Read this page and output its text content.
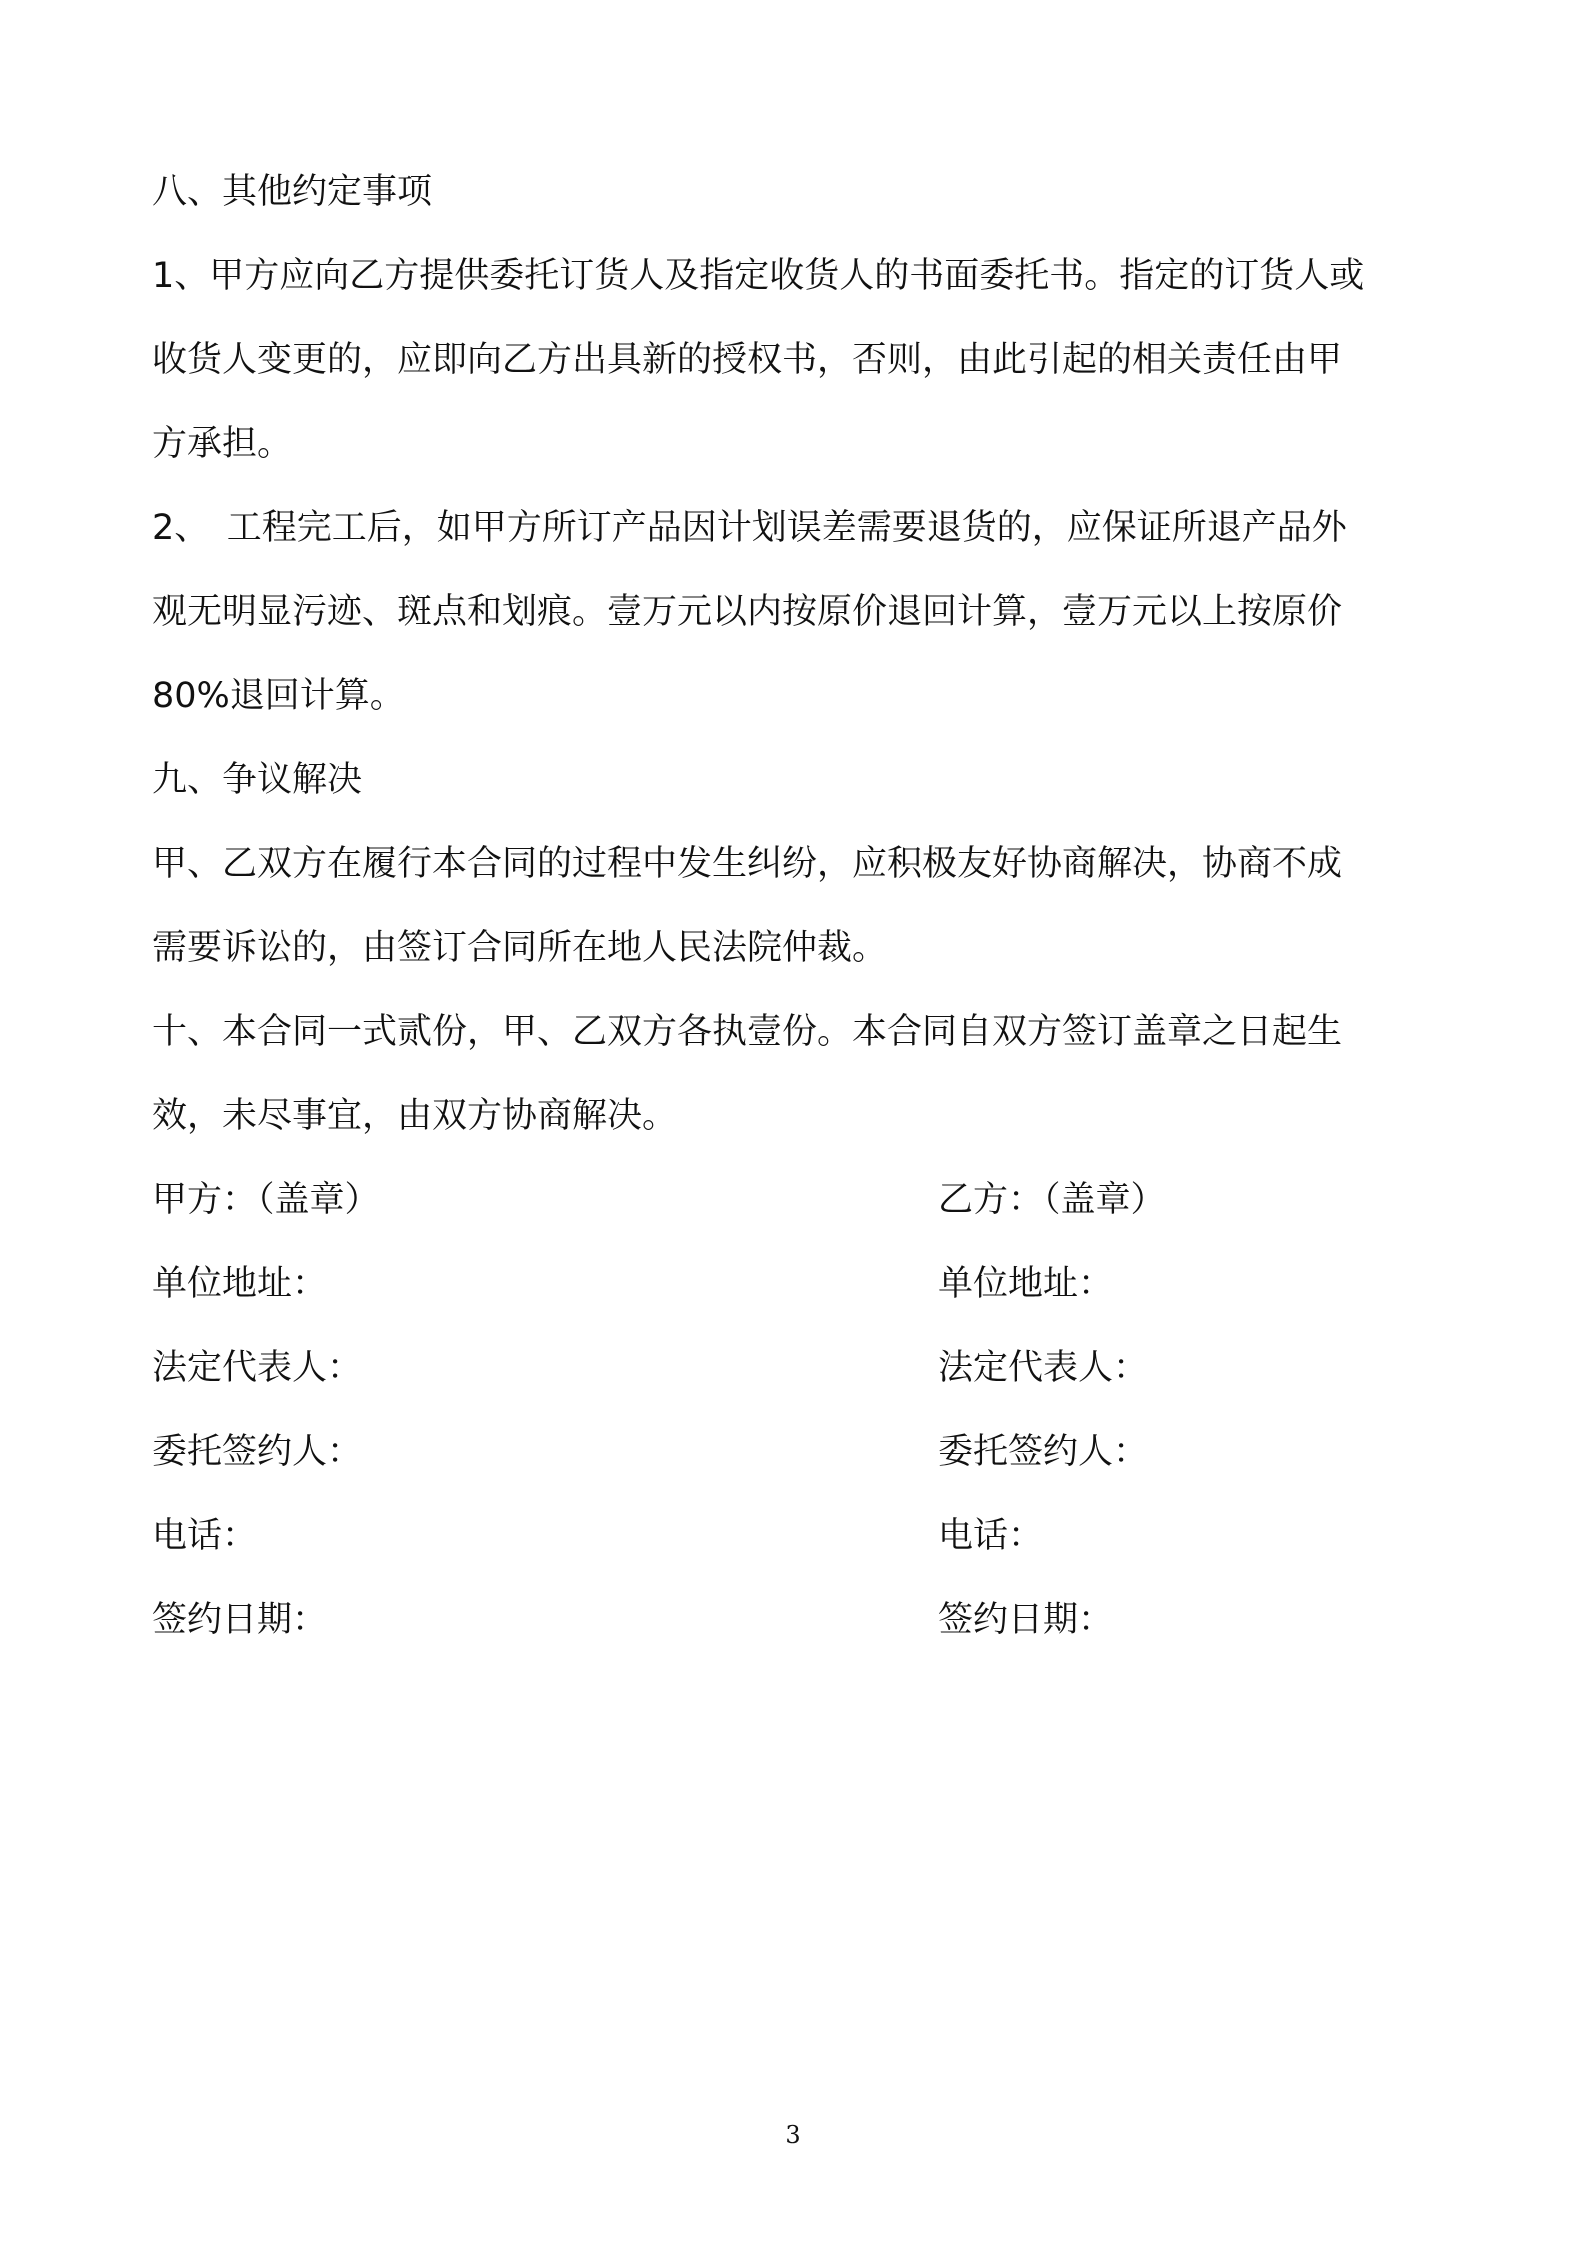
八、其他约定事项
1、甲方应向乙方提供委托订货人及指定收货人的书面委托书。指定的订货人或
收货人变更的，应即向乙方出具新的授权书，否则，由此引起的相关责任由甲
方承担。
2、　工程完工后，如甲方所订产品因计划误差需要退货的，应保证所退产品外
观无明显污迹、斑点和划痕。壹万元以内按原价退回计算，壹万元以上按原价
80%退回计算。
九、争议解决
甲、乙双方在履行本合同的过程中发生纠纷，应积极友好协商解决，协商不成
需要诉讼的，由签订合同所在地人民法院仲裁。
十、本合同一式贰份，甲、乙双方各执壹份。本合同自双方签订盖章之日起生
效，未尽事宜，由双方协商解决。
甲方：（盖章）	乙方：（盖章）
单位地址：	单位地址：
法定代表人：	法定代表人：
委托签约人：	委托签约人：
电话：	电话：
签约日期：	签约日期：
3
